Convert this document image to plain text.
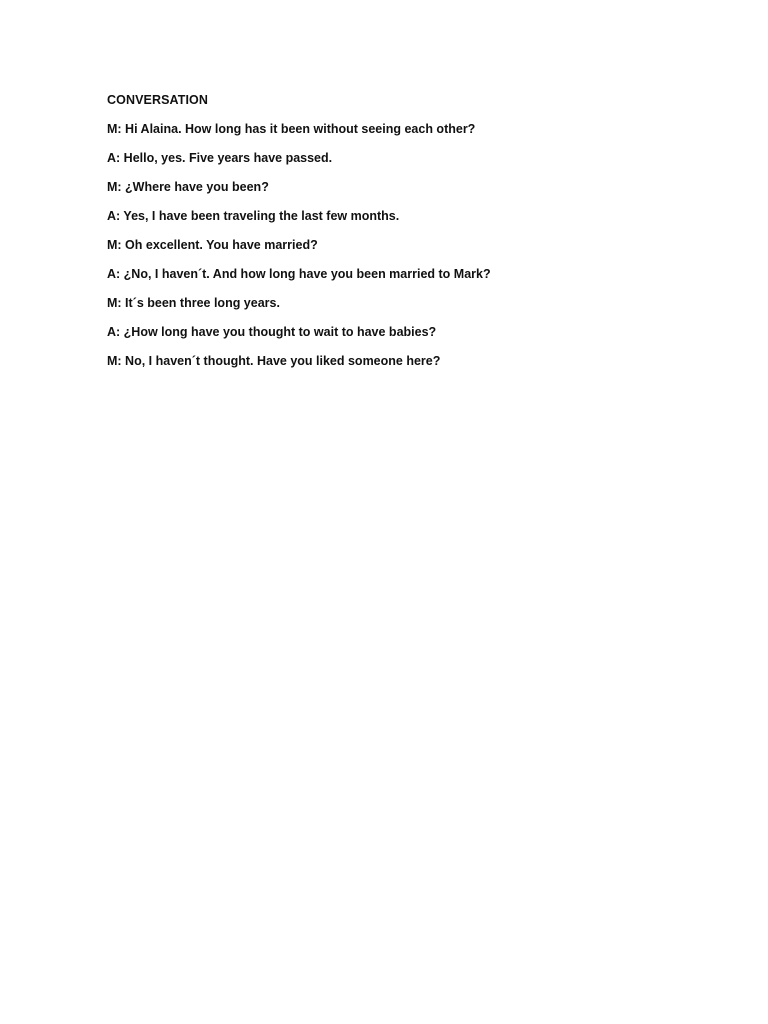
CONVERSATION
M: Hi Alaina. How long has it been without seeing each other?
A: Hello, yes. Five years have passed.
M: ¿Where have you been?
A: Yes, I have been traveling the last few months.
M: Oh excellent. You have married?
A: ¿No, I haven´t. And how long have you been married to Mark?
M: It´s been three long years.
A: ¿How long have you thought to wait to have babies?
M: No, I haven´t thought. Have you liked someone here?
